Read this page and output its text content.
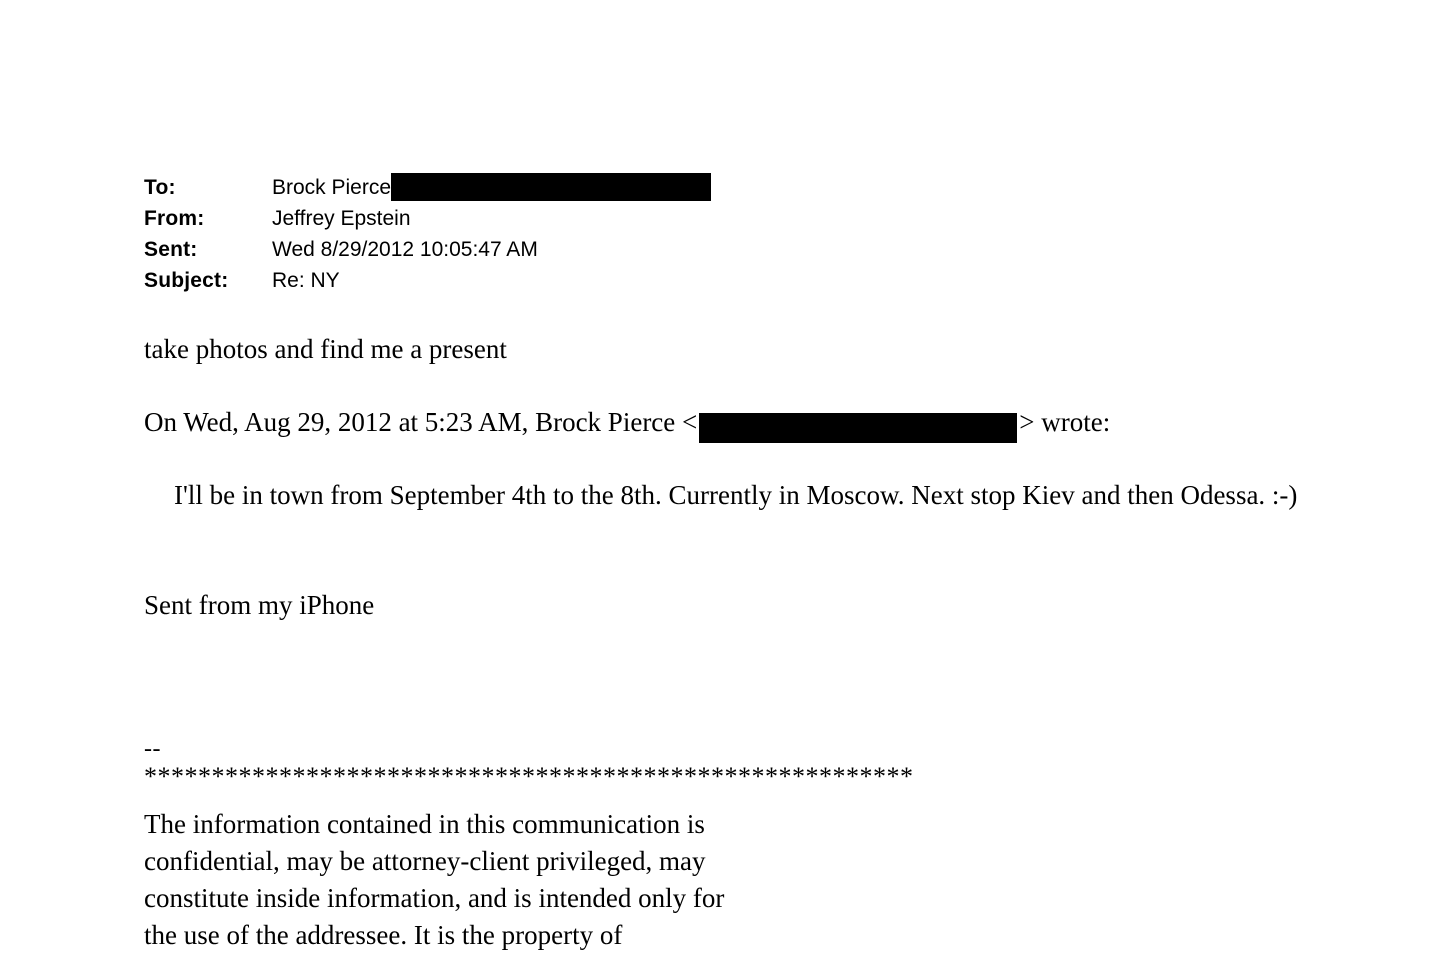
To:	Brock Pierce
From:	Jeffrey Epstein
Sent:	Wed 8/29/2012 10:05:47 AM
Subject:	Re: NY
take photos and find me a present
On Wed, Aug 29, 2012 at 5:23 AM, Brock Pierce <	> wrote:
I'll be in town from September 4th to the 8th. Currently in Moscow. Next stop Kiev and then Odessa. :-)
Sent from my iPhone
--
*********************************************************
The information contained in this communication is
confidential, may be attorney-client privileged, may
constitute inside information, and is intended only for
the use of the addressee. It is the property of
